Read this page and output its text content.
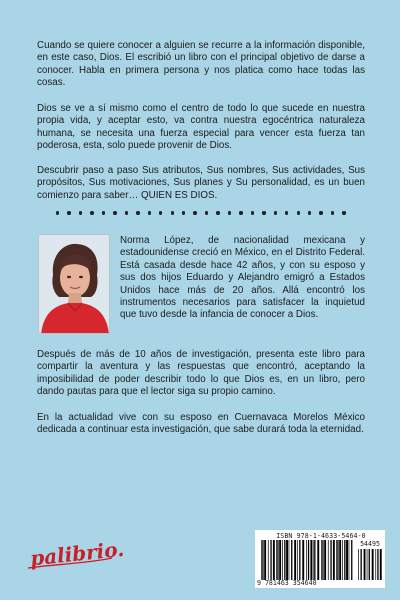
Cuando se quiere conocer a alguien se recurre a la información disponible, en este caso, Dios. El escribió un libro con el principal objetivo de darse a conocer. Habla en primera persona y nos platica como hace todas las cosas.

Dios se ve a sí mismo como el centro de todo lo que sucede en nuestra propia vida, y aceptar esto, va contra nuestra egocéntrica naturaleza humana, se necesita una fuerza especial para vencer esta fuerza tan poderosa, esta, solo puede provenir de Dios.

Descubrir paso a paso Sus atributos, Sus nombres, Sus actividades, Sus propósitos, Sus motivaciones, Sus planes y Su personalidad, es un buen comienzo para saber… QUIEN ES DIOS.

Norma López, de nacionalidad mexicana y estadounidense creció en México, en el Distrito Federal. Está casada desde hace 42 años, y con su esposo y sus dos hijos Eduardo y Alejandro emigró a Estados Unidos hace más de 20 años. Allá encontró los instrumentos necesarios para satisfacer la inquietud que tuvo desde la infancia de conocer a Dios.

Después de más de 10 años de investigación, presenta este libro para compartir la aventura y las respuestas que encontró, aceptando la imposibilidad de poder describir todo lo que Dios es, en un libro, pero dando pautas para que el lector siga su propio camino.

En la actualidad vive con su esposo en Cuernavaca Morelos México dedicada a continuar esta investigación, que sabe durará toda la eternidad.

palibrio.
ISBN 978-1-4633-5464-0
9 781463 354640
54495
